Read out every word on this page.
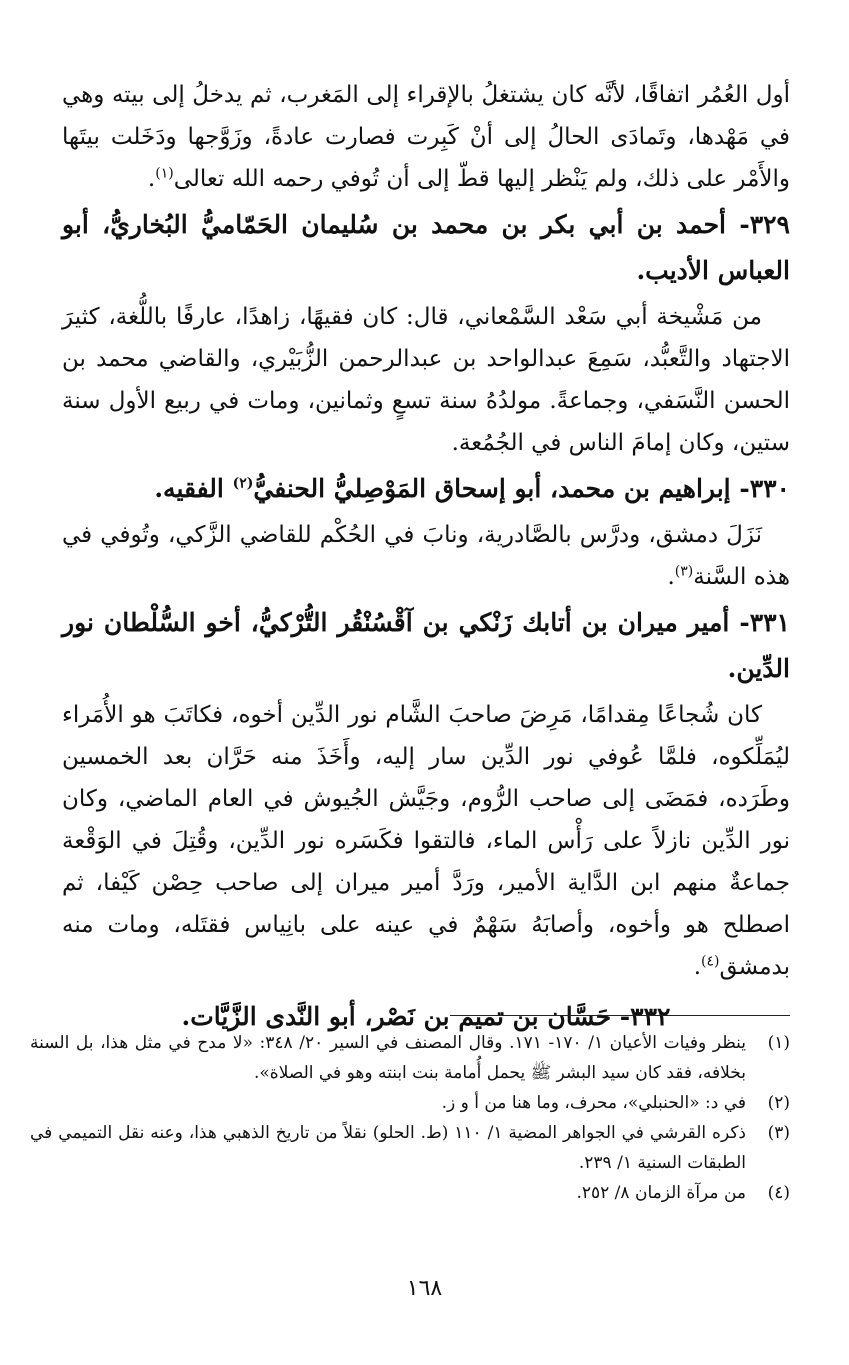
أول العُمُر اتفاقًا، لأنَّه كان يشتغلُ بالإقراء إلى المَغرب، ثم يدخلُ إلى بيته وهي في مَهْدها، وتَمادَى الحالُ إلى أنْ كَبِرت فصارت عادةً، وزَوَّجها ودَخَلت بيتَها والأَمْر على ذلك، ولم يَنْظر إليها قطّ إلى أن تُوفي رحمه الله تعالى$^{(١)}$.

٣٢٩- أحمد بن أبي بكر بن محمد بن سُليمان الحَمّاميُّ البُخاريُّ، أبو العباس الأديب.

من مَشْيخة أبي سَعْد السَّمْعاني، قال: كان فقيهًا، زاهدًا، عارفًا باللُّغة، كثيرَ الاجتهاد والتَّعبُّد، سَمِعَ عبدالواحد بن عبدالرحمن الزُّبَيْري، والقاضي محمد بن الحسن النَّسَفي، وجماعةً. مولدُهُ سنة تسعٍ وثمانين، ومات في ربيع الأول سنة ستين، وكان إمامَ الناس في الجُمُعة.

٣٣٠- إبراهيم بن محمد، أبو إسحاق المَوْصِليُّ الحنفيُّ$^{(٢)}$ الفقيه.

نَزَلَ دمشق، ودرَّس بالصَّادرية، ونابَ في الحُكْم للقاضي الزَّكي، وتُوفي في هذه السَّنة$^{(٣)}$.

٣٣١- أمير ميران بن أتابك زَنْكي بن آقْسُنْقُر التُّرْكيُّ، أخو السُّلْطان نور الدِّين.

كان شُجاعًا مِقدامًا، مَرِضَ صاحبَ الشَّام نور الدِّين أخوه، فكاتَبَ هو الأُمَراء ليُمَلِّكوه، فلمَّا عُوفي نور الدِّين سار إليه، وأَخَذَ منه حَرَّان بعد الخمسين وطَرَده، فمَضَى إلى صاحب الرُّوم، وجَيَّش الجُيوش في العام الماضي، وكان نور الدِّين نازلاً على رَأْس الماء، فالتقوا فكَسَره نور الدِّين، وقُتِلَ في الوَقْعة جماعةٌ منهم ابن الدَّاية الأمير، ورَدَّ أمير ميران إلى صاحب حِصْن كَيْفا، ثم اصطلح هو وأخوه، وأصابَهُ سَهْمٌ في عينه على بانِياس فقتَله، ومات منه بدمشق$^{(٤)}$.

٣٣٢- حَسَّان بن تميم بن نَصْر، أبو النَّدى الزَّيَّات.

(١)
ينظر وفيات الأعيان ١/ ١٧٠- ١٧١. وقال المصنف في السير ٢٠/ ٣٤٨: «لا مدح في مثل هذا، بل السنة بخلافه، فقد كان سيد البشر ﷺ يحمل أُمامة بنت ابنته وهو في الصلاة».
(٢)
في د: «الحنبلي»، محرف، وما هنا من أ و ز.
(٣)
ذكره القرشي في الجواهر المضية ١/ ١١٠ (ط. الحلو) نقلاً من تاريخ الذهبي هذا، وعنه نقل التميمي في الطبقات السنية ١/ ٢٣٩.
(٤)
من مرآة الزمان ٨/ ٢٥٢.
١٦٨
